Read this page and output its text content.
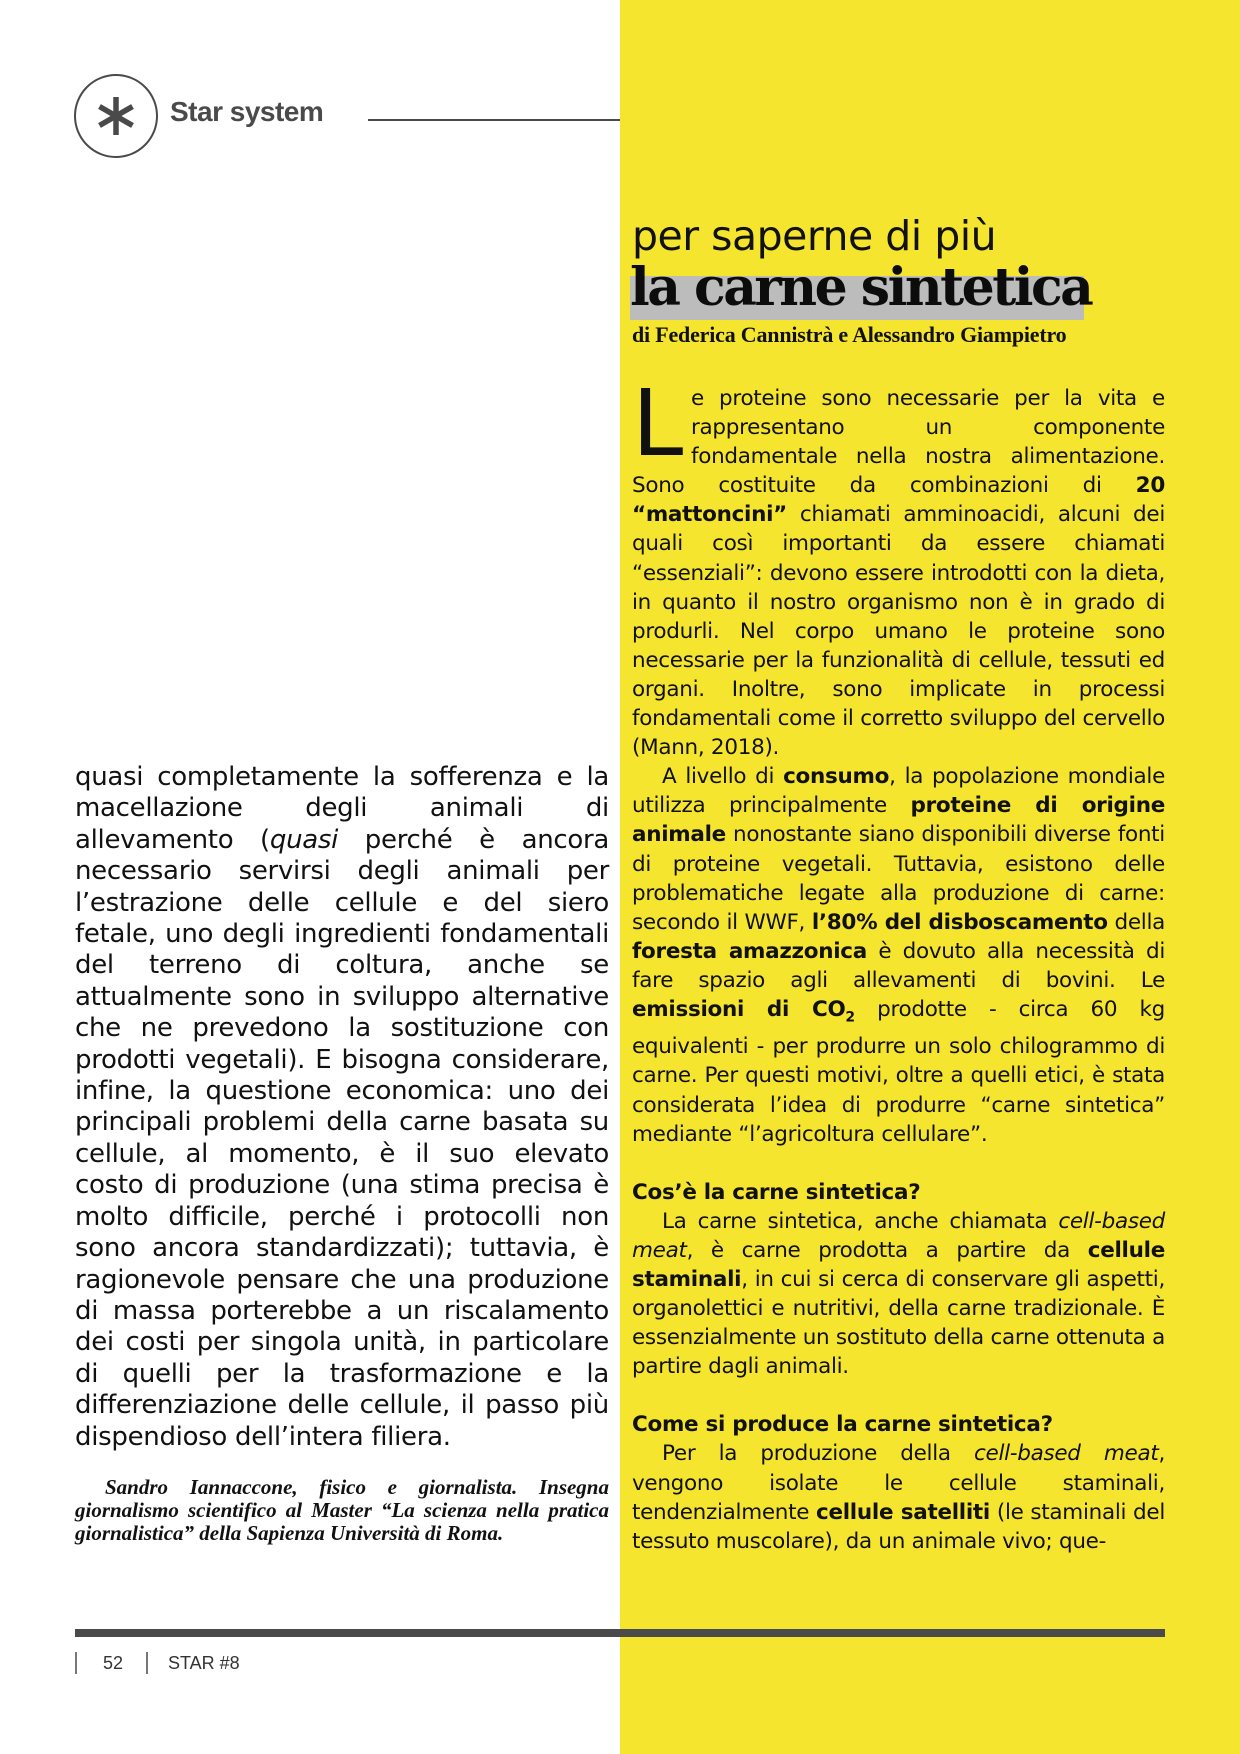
Star system
per saperne di più
la carne sintetica
di Federica Cannistrà e Alessandro Giampietro
quasi completamente la sofferenza e la macellazione degli animali di allevamento (quasi perché è ancora necessario servirsi degli animali per l’estrazione delle cellule e del siero fetale, uno degli ingredienti fondamentali del terreno di coltura, anche se attualmente sono in sviluppo alternative che ne prevedono la sostituzione con prodotti vegetali). E bisogna considerare, infine, la questione economica: uno dei principali problemi della carne basata su cellule, al momento, è il suo elevato costo di produzione (una stima precisa è molto difficile, perché i protocolli non sono ancora standardizzati); tuttavia, è ragionevole pensare che una produzione di massa porterebbe a un riscalamento dei costi per singola unità, in particolare di quelli per la trasformazione e la differenziazione delle cellule, il passo più dispendioso dell’intera filiera.
Sandro Iannaccone, fisico e giornalista. Insegna giornalismo scientifico al Master “La scienza nella pratica giornalistica” della Sapienza Università di Roma.

Le proteine sono necessarie per la vita e rappresentano un componente fondamentale nella nostra alimentazione. Sono costituite da combinazioni di 20 “mattoncini” chiamati amminoacidi, alcuni dei quali così importanti da essere chiamati “essenziali”: devono essere introdotti con la dieta, in quanto il nostro organismo non è in grado di produrli. Nel corpo umano le proteine sono necessarie per la funzionalità di cellule, tessuti ed organi. Inoltre, sono implicate in processi fondamentali come il corretto sviluppo del cervello (Mann, 2018).

A livello di consumo, la popolazione mondiale utilizza principalmente proteine di origine animale nonostante siano disponibili diverse fonti di proteine vegetali. Tuttavia, esistono delle problematiche legate alla produzione di carne: secondo il WWF, l’80% del disboscamento della foresta amazzonica è dovuto alla necessità di fare spazio agli allevamenti di bovini. Le emissioni di $CO_2$ prodotte - circa 60 kg equivalenti - per produrre un solo chilogrammo di carne. Per questi motivi, oltre a quelli etici, è stata considerata l’idea di produrre “carne sintetica” mediante “l’agricoltura cellulare”.

Cos’è la carne sintetica?

La carne sintetica, anche chiamata cell-based meat, è carne prodotta a partire da cellule staminali, in cui si cerca di conservare gli aspetti, organolettici e nutritivi, della carne tradizionale. È essenzialmente un sostituto della carne ottenuta a partire dagli animali.

Come si produce la carne sintetica?

Per la produzione della cell-based meat, vengono isolate le cellule staminali, tendenzialmente cellule satelliti (le staminali del tessuto muscolare), da un animale vivo; que-

52 STAR #8
